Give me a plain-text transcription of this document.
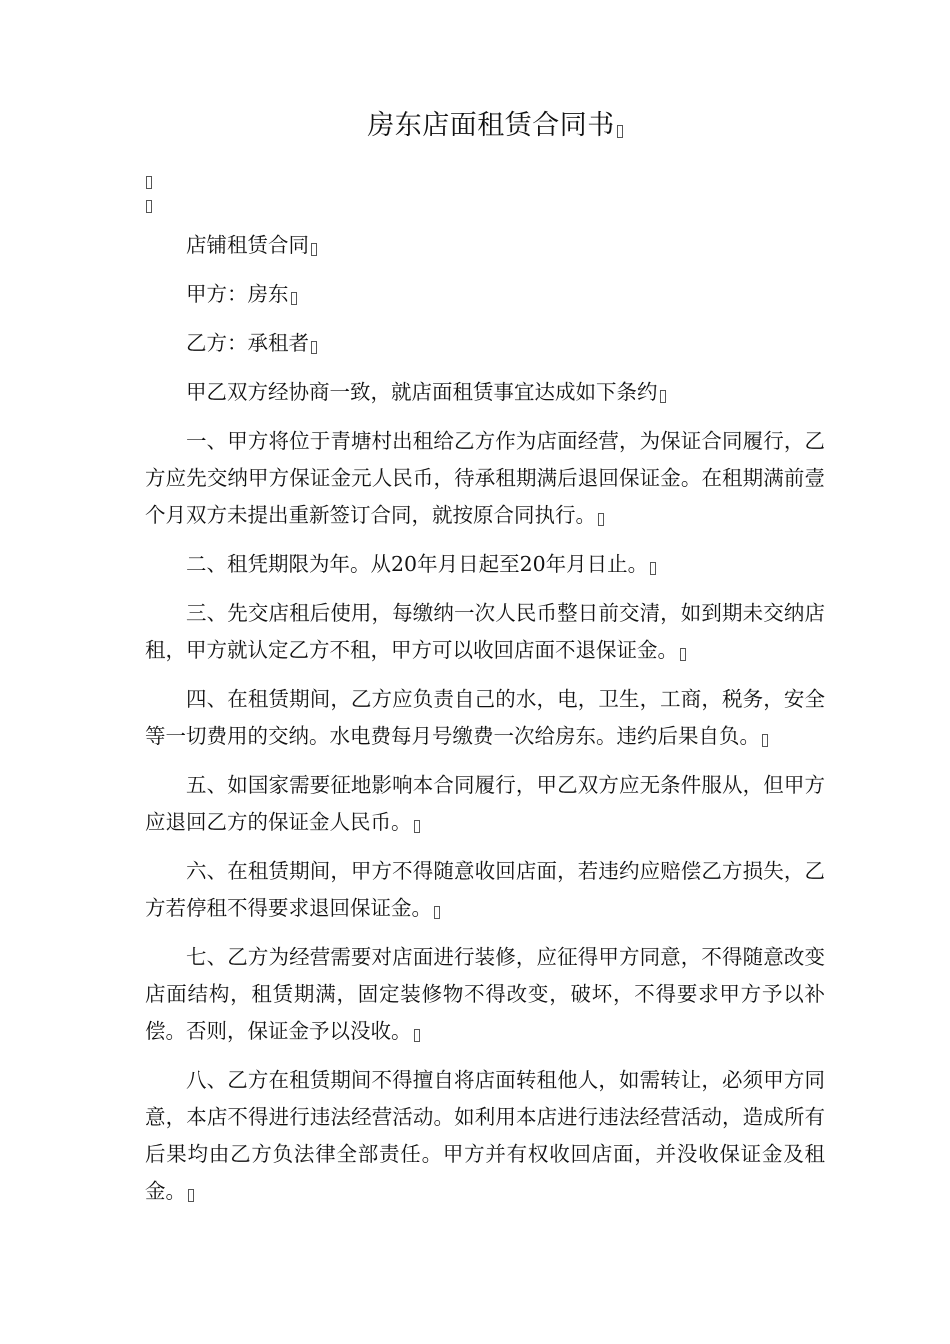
房东店面租赁合同书

店铺租赁合同

甲方：房东

乙方：承租者

甲乙双方经协商一致，就店面租赁事宜达成如下条约

一、甲方将位于青塘村出租给乙方作为店面经营，为保证合同履行，乙方应先交纳甲方保证金元人民币，待承租期满后退回保证金。在租期满前壹个月双方未提出重新签订合同，就按原合同执行。

二、租凭期限为年。从20年月日起至20年月日止。

三、先交店租后使用，每缴纳一次人民币整日前交清，如到期未交纳店租，甲方就认定乙方不租，甲方可以收回店面不退保证金。

四、在租赁期间，乙方应负责自己的水，电，卫生，工商，税务，安全等一切费用的交纳。水电费每月号缴费一次给房东。违约后果自负。

五、如国家需要征地影响本合同履行，甲乙双方应无条件服从，但甲方应退回乙方的保证金人民币。

六、在租赁期间，甲方不得随意收回店面，若违约应赔偿乙方损失，乙方若停租不得要求退回保证金。

七、乙方为经营需要对店面进行装修，应征得甲方同意，不得随意改变店面结构，租赁期满，固定装修物不得改变，破坏，不得要求甲方予以补偿。否则，保证金予以没收。

八、乙方在租赁期间不得擅自将店面转租他人，如需转让，必须甲方同意，本店不得进行违法经营活动。如利用本店进行违法经营活动，造成所有后果均由乙方负法律全部责任。甲方并有权收回店面，并没收保证金及租金。
